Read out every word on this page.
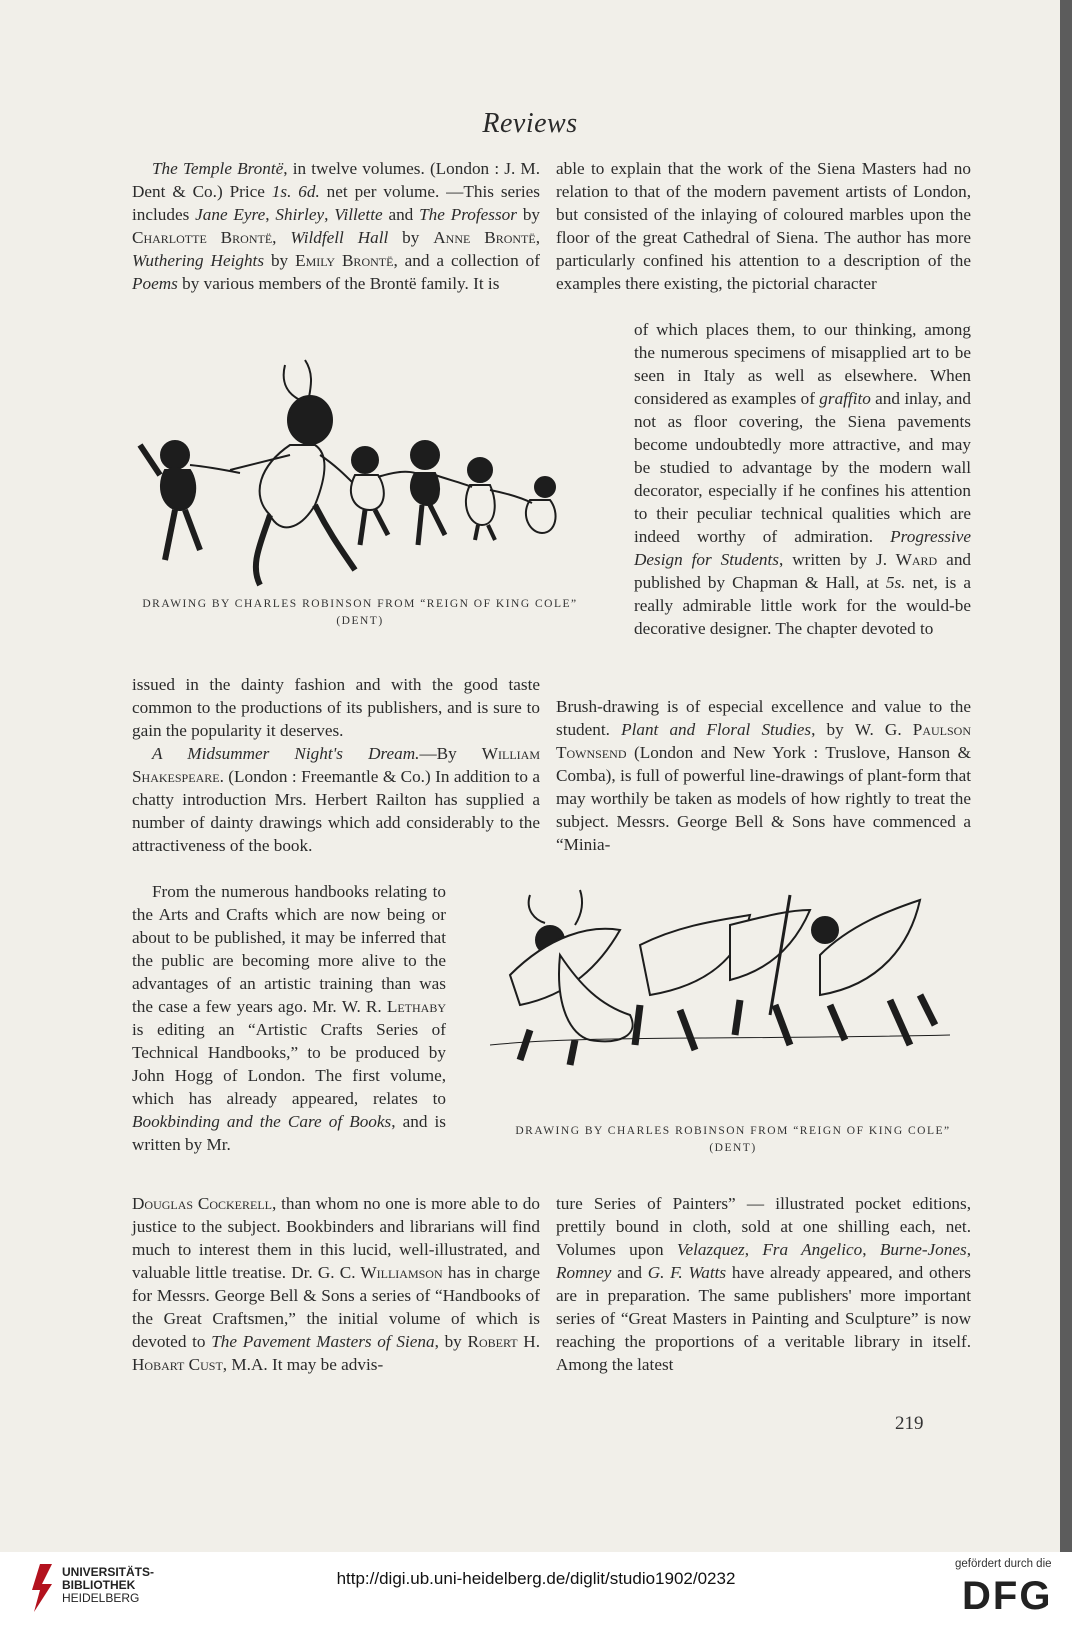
Reviews

The Temple Brontë, in twelve volumes. (London : J. M. Dent & Co.) Price 1s. 6d. net per volume. —This series includes Jane Eyre, Shirley, Villette and The Professor by Charlotte Brontë, Wildfell Hall by Anne Brontë, Wuthering Heights by Emily Brontë, and a collection of Poems by various members of the Brontë family. It is

DRAWING BY CHARLES ROBINSON FROM “REIGN OF KING COLE” (DENT)

issued in the dainty fashion and with the good taste common to the productions of its publishers, and is sure to gain the popularity it deserves.

A Midsummer Night's Dream.—By William Shakespeare. (London : Freemantle & Co.) In addition to a chatty introduction Mrs. Herbert Railton has supplied a number of dainty drawings which add considerably to the attractiveness of the book.

From the numerous handbooks relating to the Arts and Crafts which are now being or about to be published, it may be inferred that the public are becoming more alive to the advantages of an artistic training than was the case a few years ago. Mr. W. R. Lethaby is editing an “Artistic Crafts Series of Technical Handbooks,” to be produced by John Hogg of London. The first volume, which has already appeared, relates to Bookbinding and the Care of Books, and is written by Mr.

Douglas Cockerell, than whom no one is more able to do justice to the subject. Bookbinders and librarians will find much to interest them in this lucid, well-illustrated, and valuable little treatise. Dr. G. C. Williamson has in charge for Messrs. George Bell & Sons a series of “Handbooks of the Great Craftsmen,” the initial volume of which is devoted to The Pavement Masters of Siena, by Robert H. Hobart Cust, M.A. It may be advis-

able to explain that the work of the Siena Masters had no relation to that of the modern pavement artists of London, but consisted of the inlaying of coloured marbles upon the floor of the great Cathedral of Siena. The author has more particularly confined his attention to a description of the examples there existing, the pictorial character

of which places them, to our thinking, among the numerous specimens of misapplied art to be seen in Italy as well as elsewhere. When considered as examples of graffito and inlay, and not as floor covering, the Siena pavements become undoubtedly more attractive, and may be studied to advantage by the modern wall decorator, especially if he confines his attention to their peculiar technical qualities which are indeed worthy of admiration. Progressive Design for Students, written by J. Ward and published by Chapman & Hall, at 5s. net, is a really admirable little work for the would-be decorative designer. The chapter devoted to

Brush-drawing is of especial excellence and value to the student. Plant and Floral Studies, by W. G. Paulson Townsend (London and New York : Truslove, Hanson & Comba), is full of powerful line-drawings of plant-form that may worthily be taken as models of how rightly to treat the subject. Messrs. George Bell & Sons have commenced a “Minia-

DRAWING BY CHARLES ROBINSON FROM “REIGN OF KING COLE” (DENT)

ture Series of Painters” — illustrated pocket editions, prettily bound in cloth, sold at one shilling each, net. Volumes upon Velazquez, Fra Angelico, Burne-Jones, Romney and G. F. Watts have already appeared, and others are in preparation. The same publishers' more important series of “Great Masters in Painting and Sculpture” is now reaching the proportions of a veritable library in itself. Among the latest

219
UNIVERSITÄTS-
BIBLIOTHEK
HEIDELBERG
http://digi.ub.uni-heidelberg.de/diglit/studio1902/0232
gefördert durch die
DFG
